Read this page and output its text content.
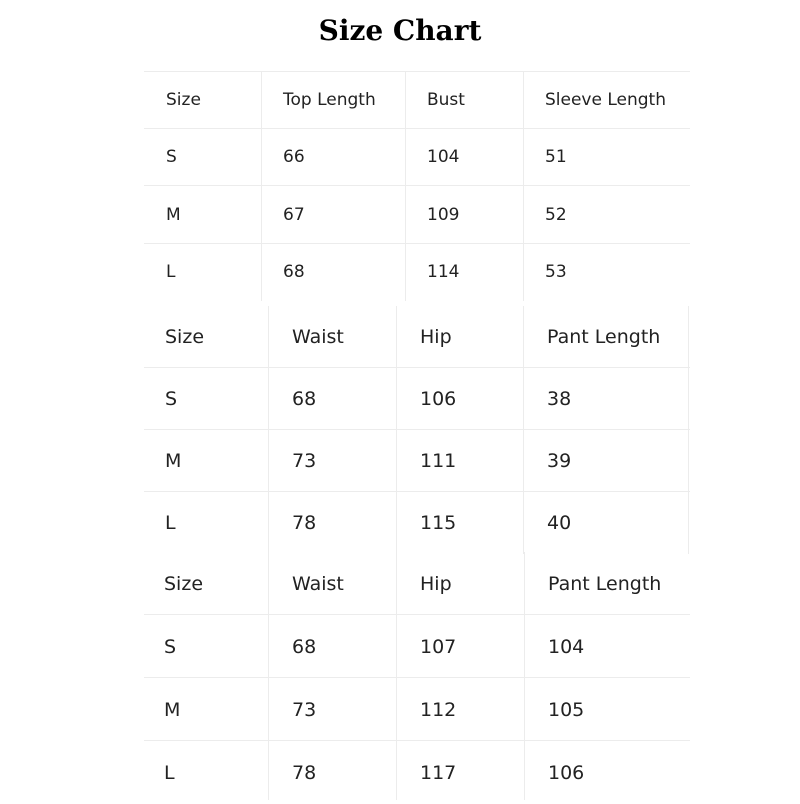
Size Chart
Size	Top Length	Bust	Sleeve Length
S	66	104	51
M	67	109	52
L	68	114	53
Size	Waist	Hip	Pant Length
S	68	106	38
M	73	111	39
L	78	115	40
Size	Waist	Hip	Pant Length
S	68	107	104
M	73	112	105
L	78	117	106
